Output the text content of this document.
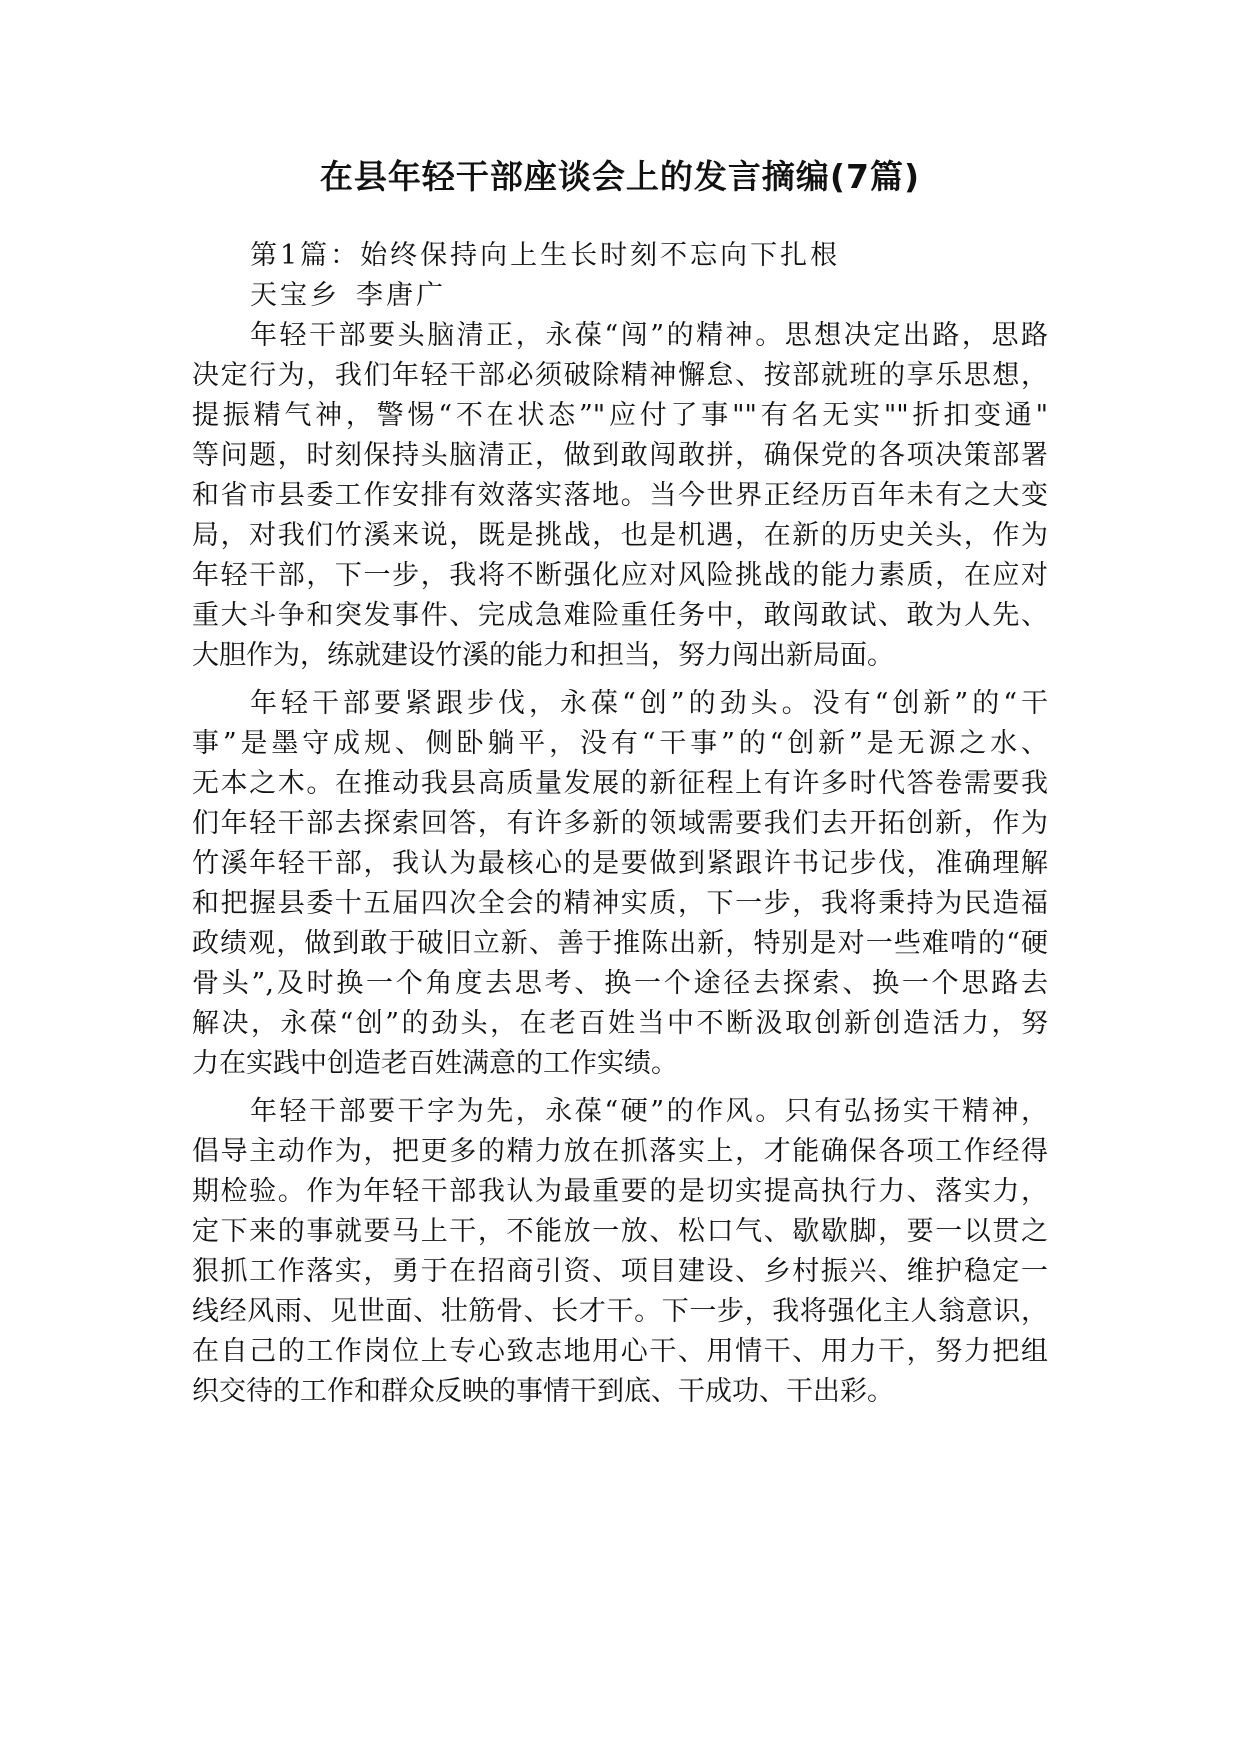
在县年轻干部座谈会上的发言摘编(7篇)

第1篇：始终保持向上生长时刻不忘向下扎根

天宝乡 李唐广

年轻干部要头脑清正，永葆“闯”的精神。思想决定出路，思路
决定行为，我们年轻干部必须破除精神懈怠、按部就班的享乐思想，
提振精气神，警惕“不在状态”"应付了事""有名无实""折扣变通"
等问题，时刻保持头脑清正，做到敢闯敢拼，确保党的各项决策部署
和省市县委工作安排有效落实落地。当今世界正经历百年未有之大变
局，对我们竹溪来说，既是挑战，也是机遇，在新的历史关头，作为
年轻干部，下一步，我将不断强化应对风险挑战的能力素质，在应对
重大斗争和突发事件、完成急难险重任务中，敢闯敢试、敢为人先、
大胆作为，练就建设竹溪的能力和担当，努力闯出新局面。
年轻干部要紧跟步伐，永葆“创”的劲头。没有“创新”的“干
事”是墨守成规、侧卧躺平，没有“干事”的“创新”是无源之水、
无本之木。在推动我县高质量发展的新征程上有许多时代答卷需要我
们年轻干部去探索回答，有许多新的领域需要我们去开拓创新，作为
竹溪年轻干部，我认为最核心的是要做到紧跟许书记步伐，准确理解
和把握县委十五届四次全会的精神实质，下一步，我将秉持为民造福
政绩观，做到敢于破旧立新、善于推陈出新，特别是对一些难啃的“硬
骨头”,及时换一个角度去思考、换一个途径去探索、换一个思路去
解决，永葆“创”的劲头，在老百姓当中不断汲取创新创造活力，努
力在实践中创造老百姓满意的工作实绩。
年轻干部要干字为先，永葆“硬”的作风。只有弘扬实干精神，
倡导主动作为，把更多的精力放在抓落实上，才能确保各项工作经得
期检验。作为年轻干部我认为最重要的是切实提高执行力、落实力，
定下来的事就要马上干，不能放一放、松口气、歇歇脚，要一以贯之
狠抓工作落实，勇于在招商引资、项目建设、乡村振兴、维护稳定一
线经风雨、见世面、壮筋骨、长才干。下一步，我将强化主人翁意识，
在自己的工作岗位上专心致志地用心干、用情干、用力干，努力把组
织交待的工作和群众反映的事情干到底、干成功、干出彩。
